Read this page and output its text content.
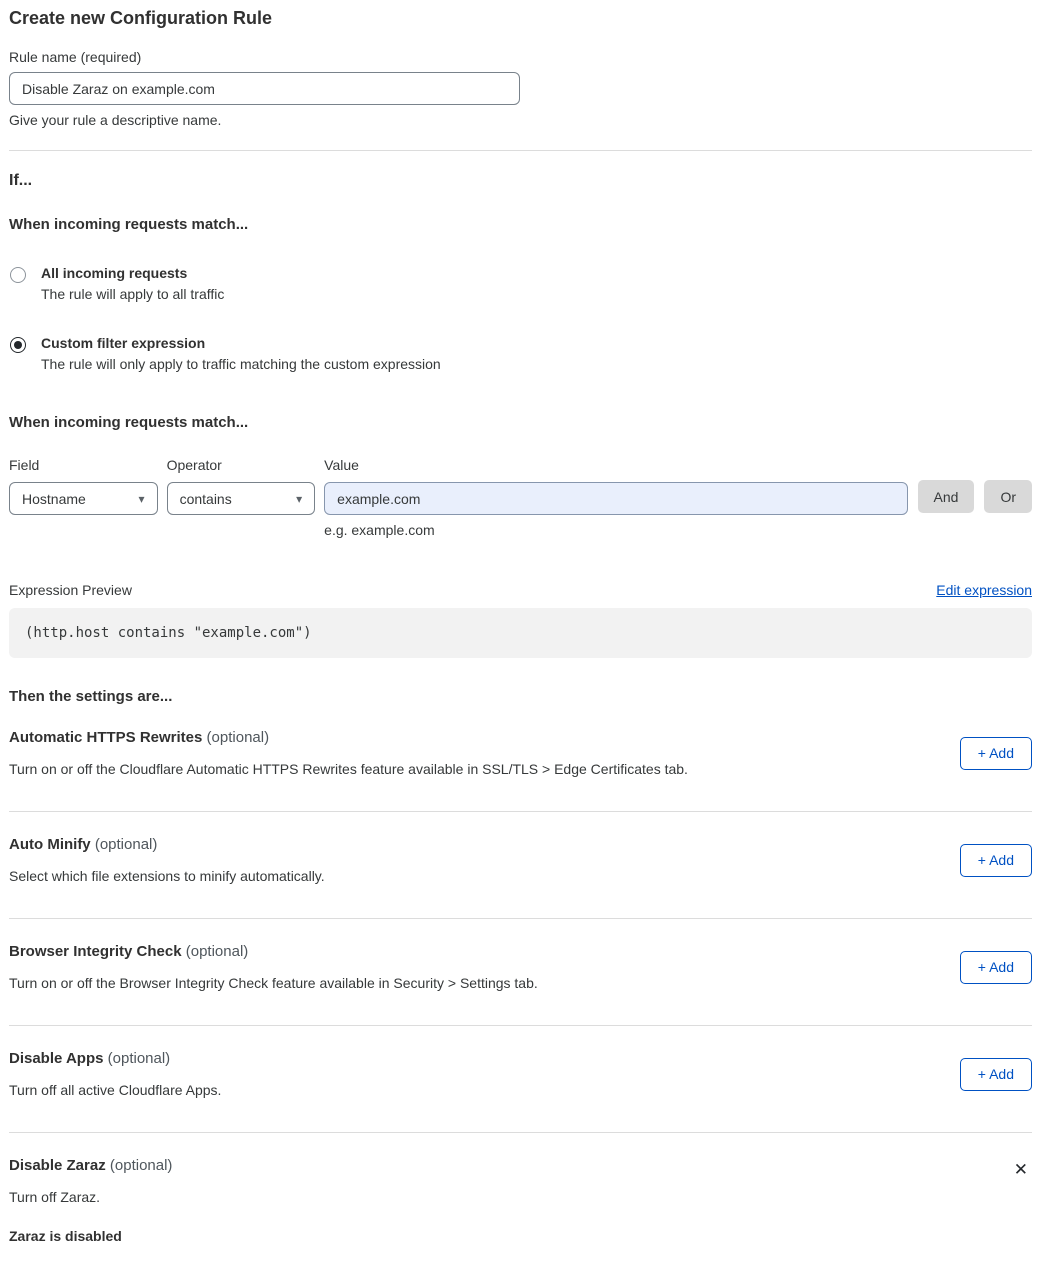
Create new Configuration Rule
Rule name (required)
Disable Zaraz on example.com

Give your rule a descriptive name.

If...
When incoming requests match...
All incoming requests
The rule will apply to all traffic
Custom filter expression
The rule will only apply to traffic matching the custom expression
When incoming requests match...
Field
Hostname	▾
Operator
contains	▾
Value
example.com

e.g. example.com

And	Or
Expression Preview	Edit expression
(http.host contains "example.com")
Then the settings are...
Automatic HTTPS Rewrites (optional)

Turn on or off the Cloudflare Automatic HTTPS Rewrites feature available in SSL/TLS > Edge Certificates tab.

+ Add
Auto Minify (optional)

Select which file extensions to minify automatically.

+ Add
Browser Integrity Check (optional)

Turn on or off the Browser Integrity Check feature available in Security > Settings tab.

+ Add
Disable Apps (optional)

Turn off all active Cloudflare Apps.

+ Add
Disable Zaraz (optional)

Turn off Zaraz.

Zaraz is disabled

✕
